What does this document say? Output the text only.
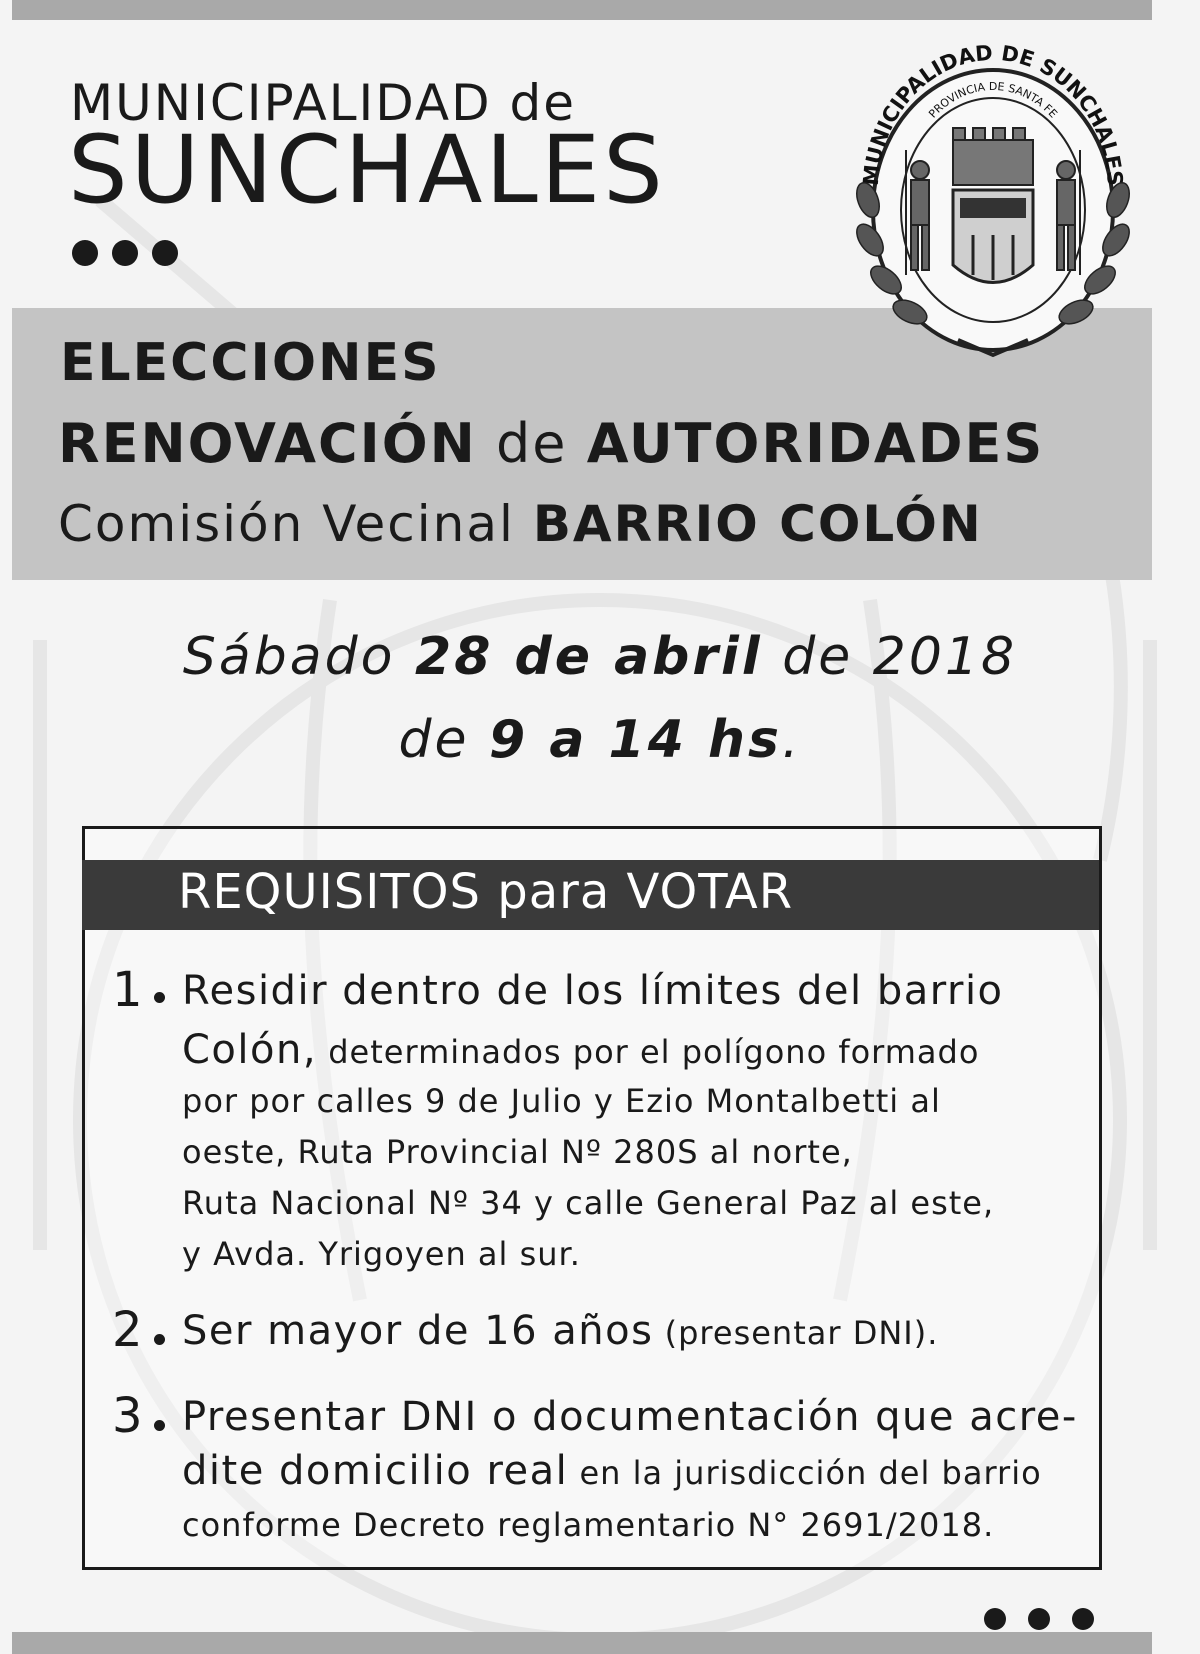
MUNICIPALIDAD de
SUNCHALES
ELECCIONES
RENOVACIÓN de AUTORIDADES
Comisión Vecinal BARRIO COLÓN
MUNICIPALIDAD DE SUNCHALES
PROVINCIA DE SANTA FE
Sábado 28 de abril de 2018
de 9 a 14 hs.
REQUISITOS para VOTAR
1 Residir dentro de los límites del barrio
Colón, determinados por el polígono formado
por por calles 9 de Julio y Ezio Montalbetti al
oeste, Ruta Provincial Nº 280S al norte,
Ruta Nacional Nº 34 y calle General Paz al este,
y Avda. Yrigoyen al sur.
2 Ser mayor de 16 años (presentar DNI).
3 Presentar DNI o documentación que acre-
dite domicilio real en la jurisdicción del barrio
conforme Decreto reglamentario N° 2691/2018.
